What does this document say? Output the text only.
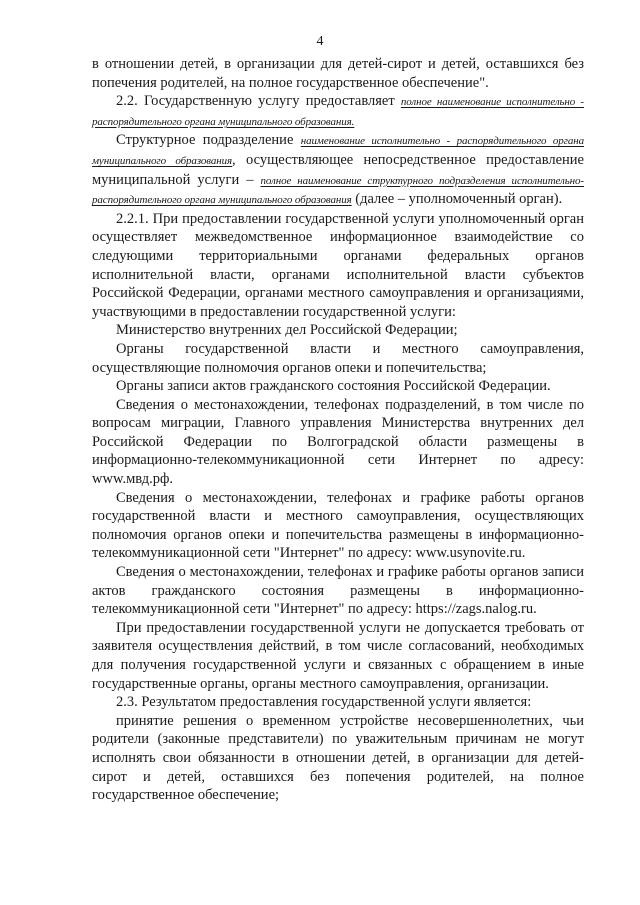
4

в отношении детей, в организации для детей-сирот и детей, оставшихся без попечения родителей, на полное государственное обеспечение".

2.2. Государственную услугу предоставляет полное наименование исполнительно - распорядительного органа муниципального образования.

Структурное подразделение наименование исполнительно - распорядительного органа муниципального образования, осуществляющее непосредственное предоставление муниципальной услуги – полное наименование структурного подразделения исполнительно-распорядительного органа муниципального образования (далее – уполномоченный орган).

2.2.1. При предоставлении государственной услуги уполномоченный орган осуществляет межведомственное информационное взаимодействие со следующими территориальными органами федеральных органов исполнительной власти, органами исполнительной власти субъектов Российской Федерации, органами местного самоуправления и организациями, участвующими в предоставлении государственной услуги:

Министерство внутренних дел Российской Федерации;

Органы государственной власти и местного самоуправления, осуществляющие полномочия органов опеки и попечительства;

Органы записи актов гражданского состояния Российской Федерации.

Сведения о местонахождении, телефонах подразделений, в том числе по вопросам миграции, Главного управления Министерства внутренних дел Российской Федерации по Волгоградской области размещены в информационно-телекоммуникационной сети Интернет по адресу: www.мвд.рф.

Сведения о местонахождении, телефонах и графике работы органов государственной власти и местного самоуправления, осуществляющих полномочия органов опеки и попечительства размещены в информационно-телекоммуникационной сети "Интернет" по адресу: www.usynovite.ru.

Сведения о местонахождении, телефонах и графике работы органов записи актов гражданского состояния размещены в информационно-телекоммуникационной сети "Интернет" по адресу: https://zags.nalog.ru.

При предоставлении государственной услуги не допускается требовать от заявителя осуществления действий, в том числе согласований, необходимых для получения государственной услуги и связанных с обращением в иные государственные органы, органы местного самоуправления, организации.

2.3. Результатом предоставления государственной услуги является:

принятие решения о временном устройстве несовершеннолетних, чьи родители (законные представители) по уважительным причинам не могут исполнять свои обязанности в отношении детей, в организации для детей-сирот и детей, оставшихся без попечения родителей, на полное государственное обеспечение;
